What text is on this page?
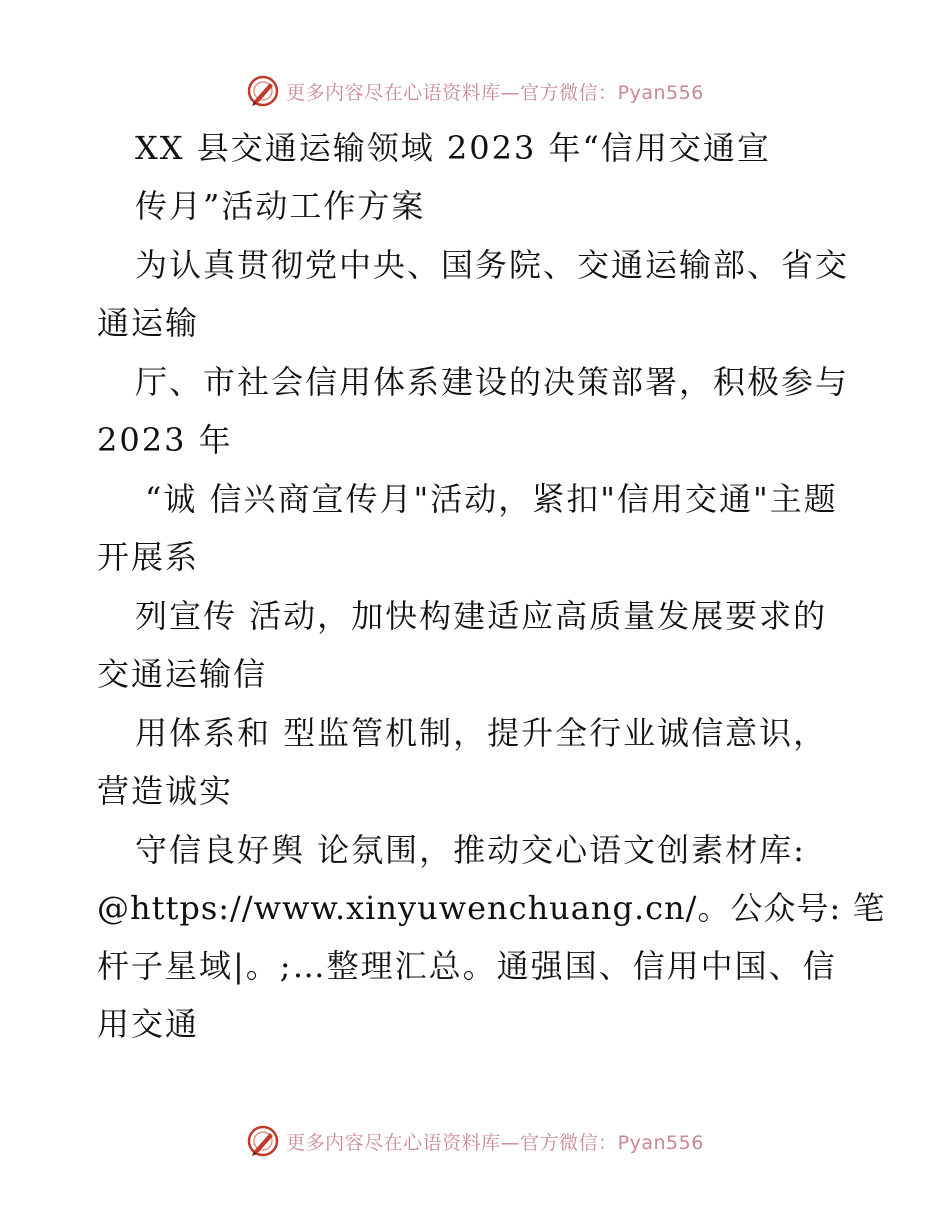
更多内容尽在心语资料库—官方微信：Pyan556
XX 县交通运输领域 2023 年“信用交通宣
传月”活动工作方案
为认真贯彻党中央、国务院、交通运输部、省交
通运输
厅、市社会信用体系建设的决策部署，积极参与
2023 年
“诚 信兴商宣传月"活动，紧扣"信用交通"主题
开展系
列宣传 活动，加快构建适应高质量发展要求的
交通运输信
用体系和 型监管机制，提升全行业诚信意识，
营造诚实
守信良好舆 论氛围，推动交心语文创素材库:
@https://www.xinyuwenchuang.cn/。公众号: 笔
杆子星域|。;…整理汇总。通强国、信用中国、信
用交通
更多内容尽在心语资料库—官方微信：Pyan556
